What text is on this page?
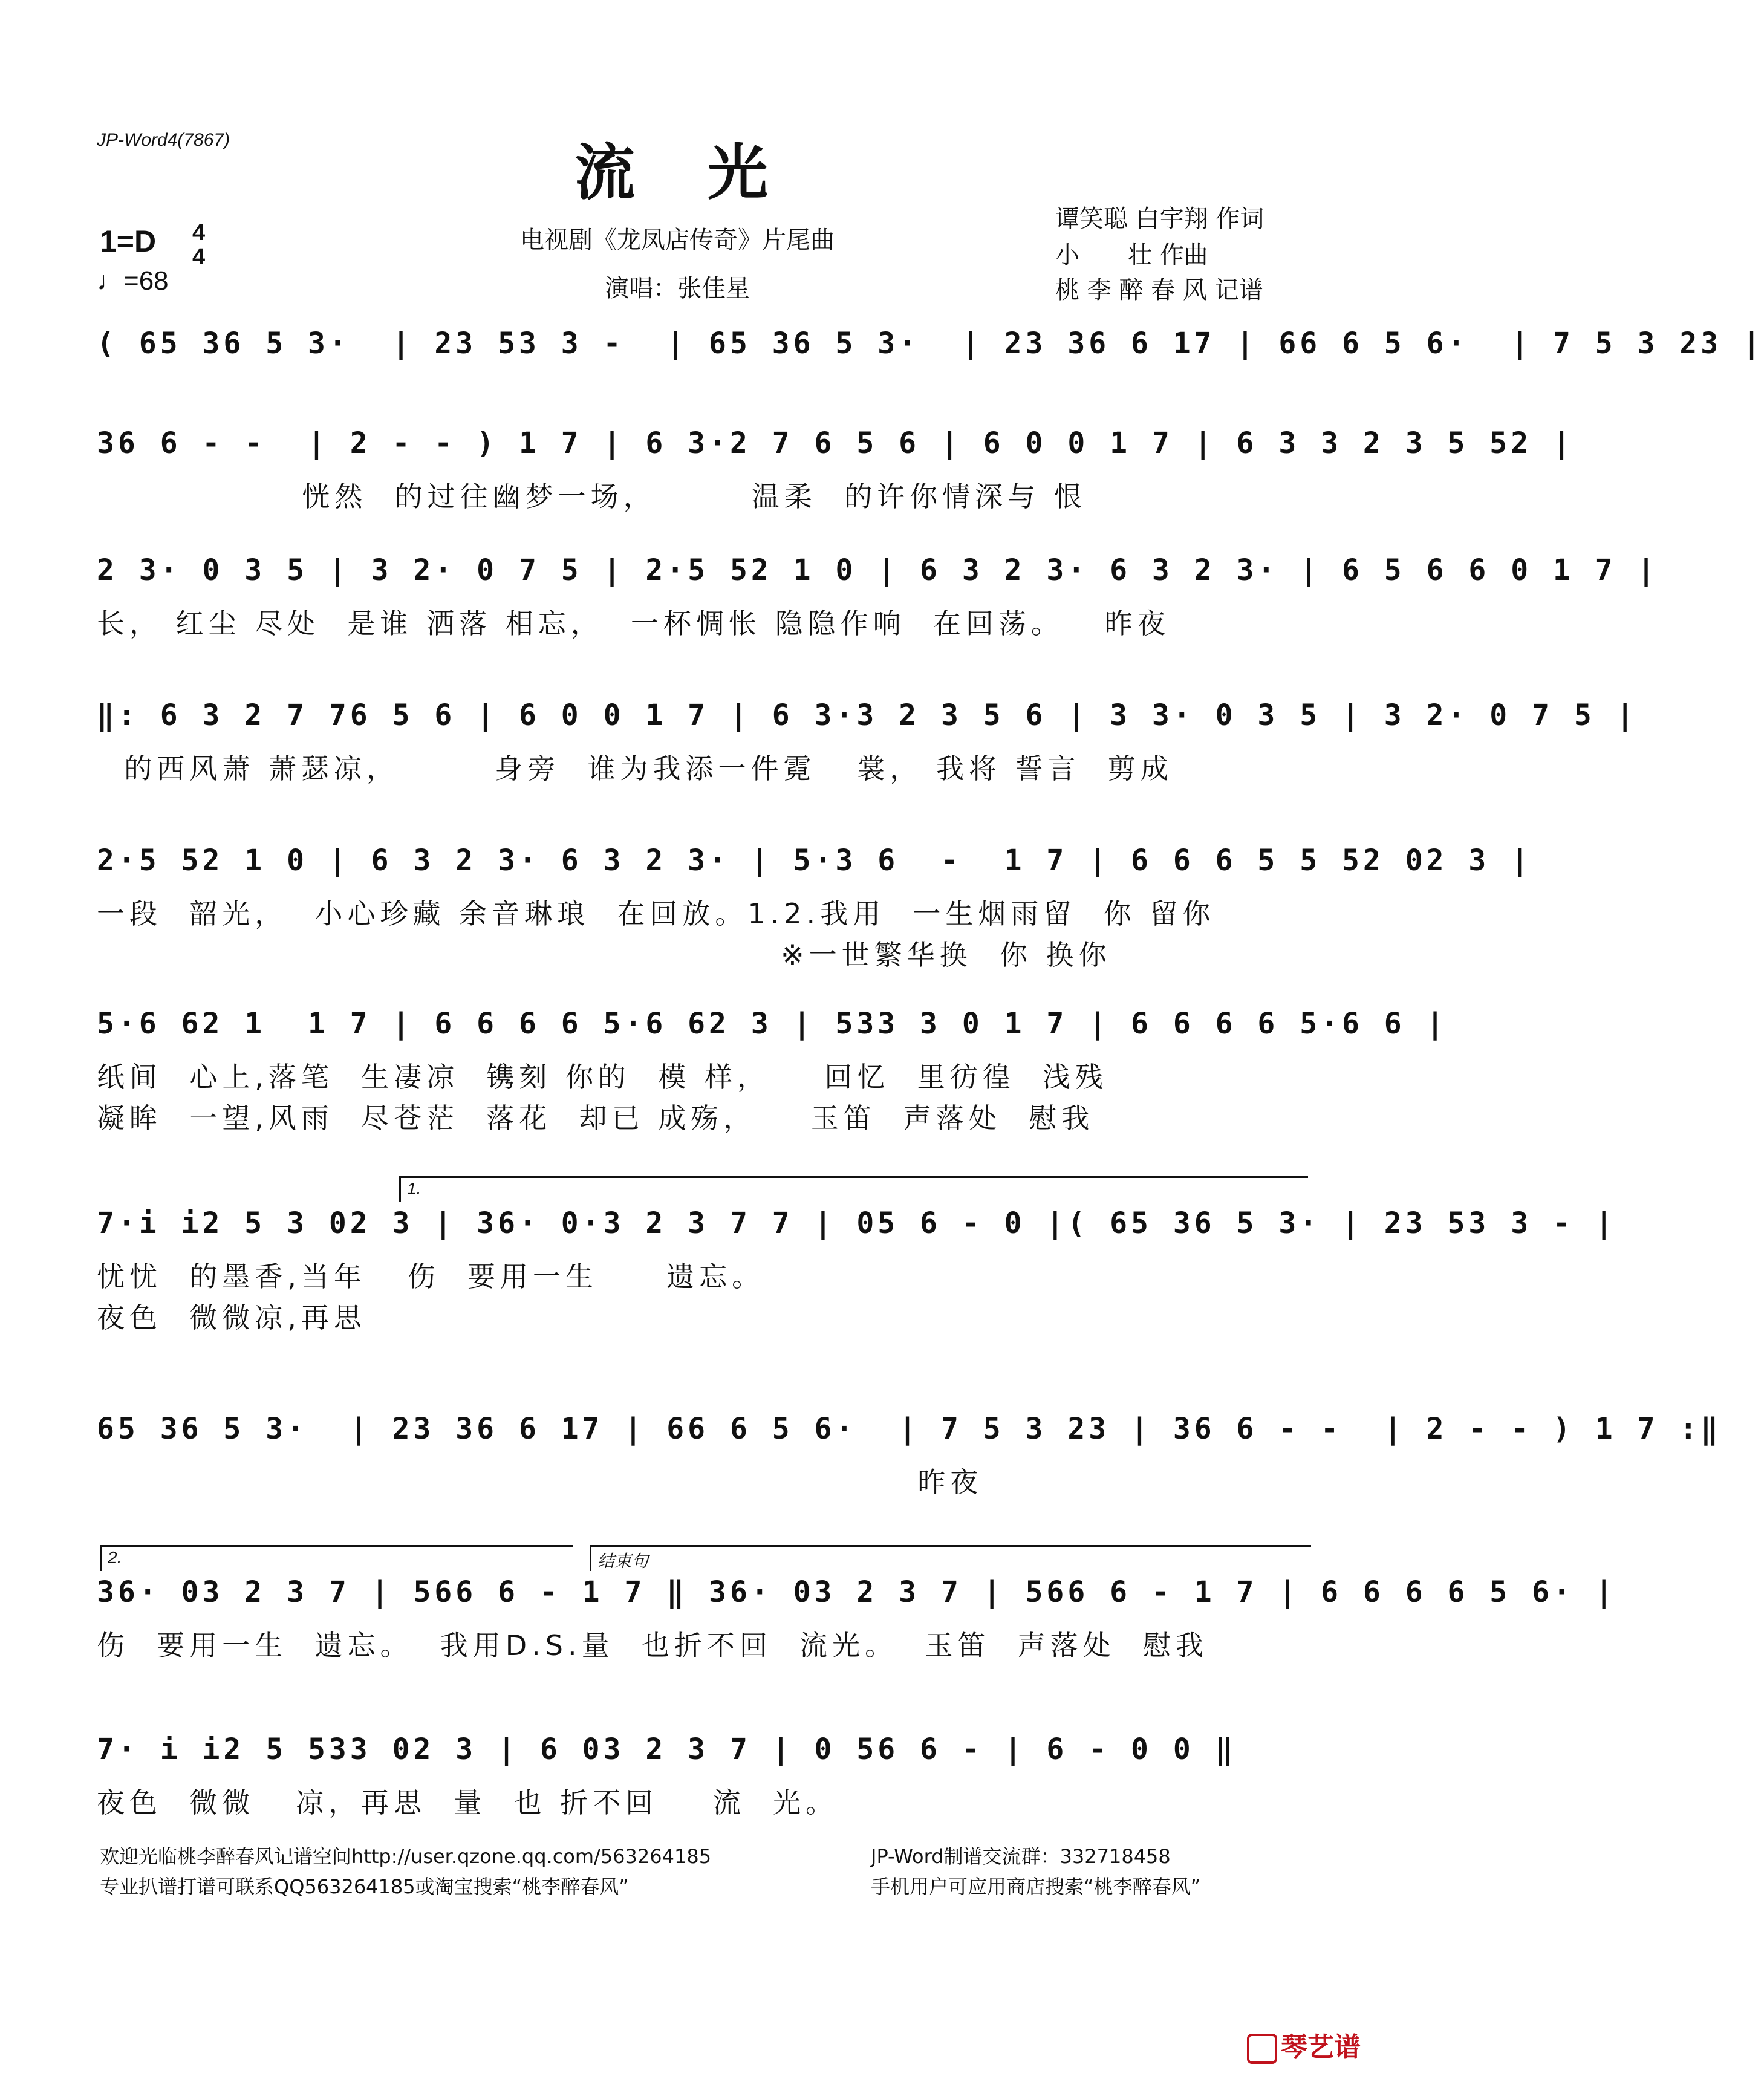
JP-Word4(7867)	流光
1=D 4
4
♩=68
电视剧《龙凤店传奇》片尾曲
演唱：张佳星
谭笑聪 白宇翔 作词
小　　壮 作曲
桃 李 醉 春 风 记谱
( 65 36 5 3·  | 23 53 3 -  | 65 36 5 3·  | 23 36 6 17 | 66 6 5 6·  | 7 5 3 23 |
36 6 - -  | 2 - - ) 1 7 | 6 3·2 7 6 5 6 | 6 0 0 1 7 | 6 3 3 2 3 5 52 |
恍然  的过往幽梦一场，       温柔  的许你情深与 恨
2 3· 0 3 5 | 3 2· 0 7 5 | 2·5 52 1 0 | 6 3 2 3· 6 3 2 3· | 6 5 6 6 0 1 7 |
长， 红尘 尽处  是谁 洒落 相忘，  一杯惆怅 隐隐作响  在回荡。   昨夜
‖: 6 3 2 7 76 5 6 | 6 0 0 1 7 | 6 3·3 2 3 5 6 | 3 3· 0 3 5 | 3 2· 0 7 5 |
的西风萧 萧瑟凉，       身旁  谁为我添一件霓   裳， 我将 誓言  剪成
2·5 52 1 0 | 6 3 2 3· 6 3 2 3· | 5·3 6  -  1 7 | 6 6 6 5 5 52 02 3 |
一段  韶光，  小心珍藏 余音琳琅  在回放。1.2.我用  一生烟雨留  你 留你
※一世繁华换  你 换你
5·6 62 1  1 7 | 6 6 6 6 5·6 62 3 | 533 3 0 1 7 | 6 6 6 6 5·6 6 |
纸间  心上,落笔  生凄凉  镌刻 你的  模 样，    回忆  里彷徨  浅残
凝眸  一望,风雨  尽苍茫  落花  却已 成殇，    玉笛  声落处  慰我
1.
7·i i2 5 3 02 3 | 36· 0·3 2 3 7 7 | 05 6 - 0 |( 65 36 5 3· | 23 53 3 - |
忧忧  的墨香,当年   伤  要用一生     遗忘。
夜色  微微凉,再思
65 36 5 3·  | 23 36 6 17 | 66 6 5 6·  | 7 5 3 23 | 36 6 - -  | 2 - - ) 1 7 :‖
昨夜
2.	结束句
36· 03 2 3 7 | 566 6 - 1 7 ‖ 36· 03 2 3 7 | 566 6 - 1 7 | 6 6 6 6 5 6· |
伤  要用一生  遗忘。  我用D.S.量  也折不回  流光。  玉笛  声落处  慰我
7· i i2 5 533 02 3 | 6 03 2 3 7 | 0 56 6 - | 6 - 0 0 ‖
夜色  微微   凉，再思  量  也 折不回    流  光。
欢迎光临桃李醉春风记谱空间http://user.qzone.qq.com/563264185	JP-Word制谱交流群：332718458
专业扒谱打谱可联系QQ563264185或淘宝搜索“桃李醉春风”	手机用户可应用商店搜索“桃李醉春风”
琴艺谱
